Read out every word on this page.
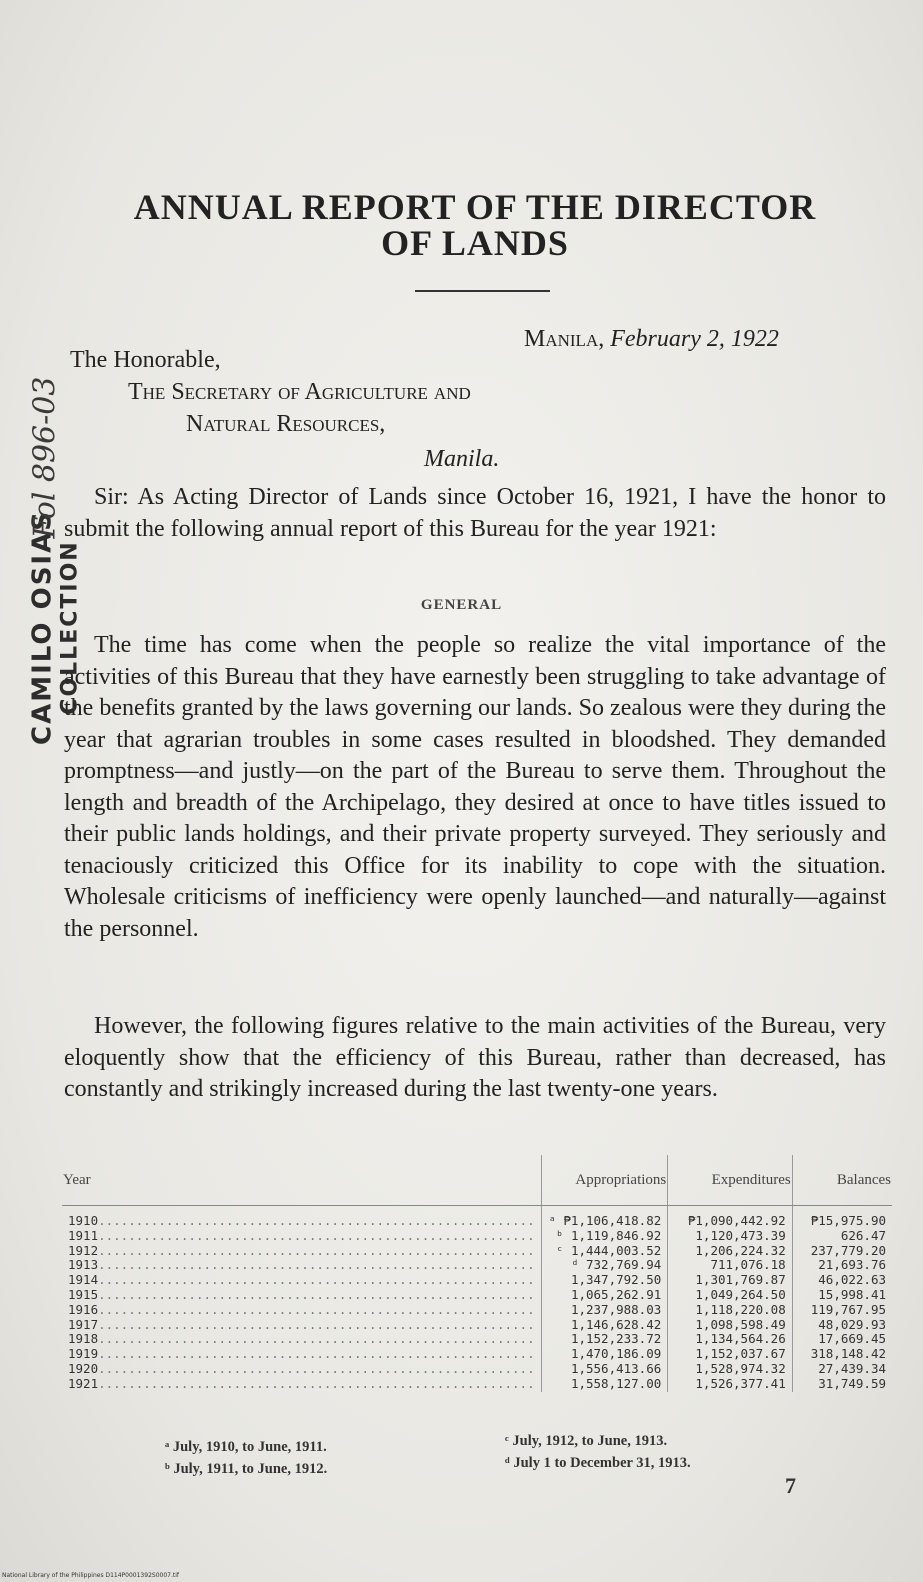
ANNUAL REPORT OF THE DIRECTOR
OF LANDS
Manila, February 2, 1922
The Honorable,
The Secretary of Agriculture and
Natural Resources,
Manila.

Sir: As Acting Director of Lands since October 16, 1921, I have the honor to submit the following annual report of this Bureau for the year 1921:

GENERAL

The time has come when the people so realize the vital importance of the activities of this Bureau that they have earnestly been struggling to take advantage of the benefits granted by the laws governing our lands. So zealous were they during the year that agrarian troubles in some cases resulted in bloodshed. They demanded promptness—and justly—on the part of the Bureau to serve them. Throughout the length and breadth of the Archipelago, they desired at once to have titles issued to their public lands holdings, and their private property surveyed. They seriously and tenaciously criticized this Office for its inability to cope with the situation. Wholesale criticisms of inefficiency were openly launched—and naturally—against the personnel.

However, the following figures relative to the main activities of the Bureau, very eloquently show that the efficiency of this Bureau, rather than decreased, has constantly and strikingly increased during the last twenty-one years.

CAMILO OSIAS COLLECTION
Fol 896-03
Year	Appropriations	Expenditures	Balances
1910..........................................................	ᵃ ₱1,106,418.82	₱1,090,442.92	₱15,975.90
1911..........................................................	ᵇ 1,119,846.92	1,120,473.39	626.47
1912..........................................................	ᶜ 1,444,003.52	1,206,224.32	237,779.20
1913..........................................................	ᵈ 732,769.94	711,076.18	21,693.76
1914..........................................................	1,347,792.50	1,301,769.87	46,022.63
1915..........................................................	1,065,262.91	1,049,264.50	15,998.41
1916..........................................................	1,237,988.03	1,118,220.08	119,767.95
1917..........................................................	1,146,628.42	1,098,598.49	48,029.93
1918..........................................................	1,152,233.72	1,134,564.26	17,669.45
1919..........................................................	1,470,186.09	1,152,037.67	318,148.42
1920..........................................................	1,556,413.66	1,528,974.32	27,439.34
1921..........................................................	1,558,127.00	1,526,377.41	31,749.59
ᵃ July, 1910, to June, 1911.
ᵇ July, 1911, to June, 1912.
ᶜ July, 1912, to June, 1913.
ᵈ July 1 to December 31, 1913.
7
National Library of the Philippines D114P0001392S0007.tif
